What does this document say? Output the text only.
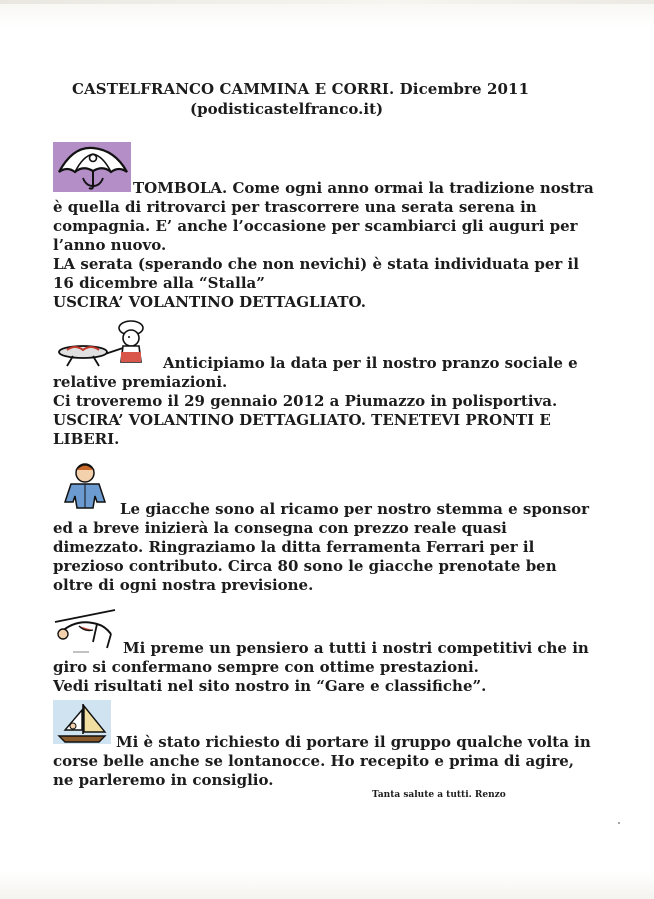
CASTELFRANCO CAMMINA E CORRI. Dicembre 2011
(podisticastelfranco.it)
TOMBOLA. Come ogni anno ormai la tradizione nostra
è quella di ritrovarci per trascorrere una serata serena in
compagnia. E’ anche l’occasione per scambiarci gli auguri per
l’anno nuovo.
LA serata (sperando che non nevichi) è stata individuata per il
16 dicembre alla “Stalla”
USCIRA’ VOLANTINO DETTAGLIATO.
Anticipiamo la data per il nostro pranzo sociale e
relative premiazioni.
Ci troveremo il 29 gennaio 2012 a Piumazzo in polisportiva.
USCIRA’ VOLANTINO DETTAGLIATO. TENETEVI PRONTI E
LIBERI.
Le giacche sono al ricamo per nostro stemma e sponsor
ed a breve inizierà la consegna con prezzo reale quasi
dimezzato. Ringraziamo la ditta ferramenta Ferrari per il
prezioso contributo. Circa 80 sono le giacche prenotate ben
oltre di ogni nostra previsione.
Mi preme un pensiero a tutti i nostri competitivi che in
giro si confermano sempre con ottime prestazioni.
Vedi risultati nel sito nostro in “Gare e classifiche”.
Mi è stato richiesto di portare il gruppo qualche volta in
corse belle anche se lontanocce. Ho recepito e prima di agire,
ne parleremo in consiglio.
Tanta salute a tutti. Renzo
